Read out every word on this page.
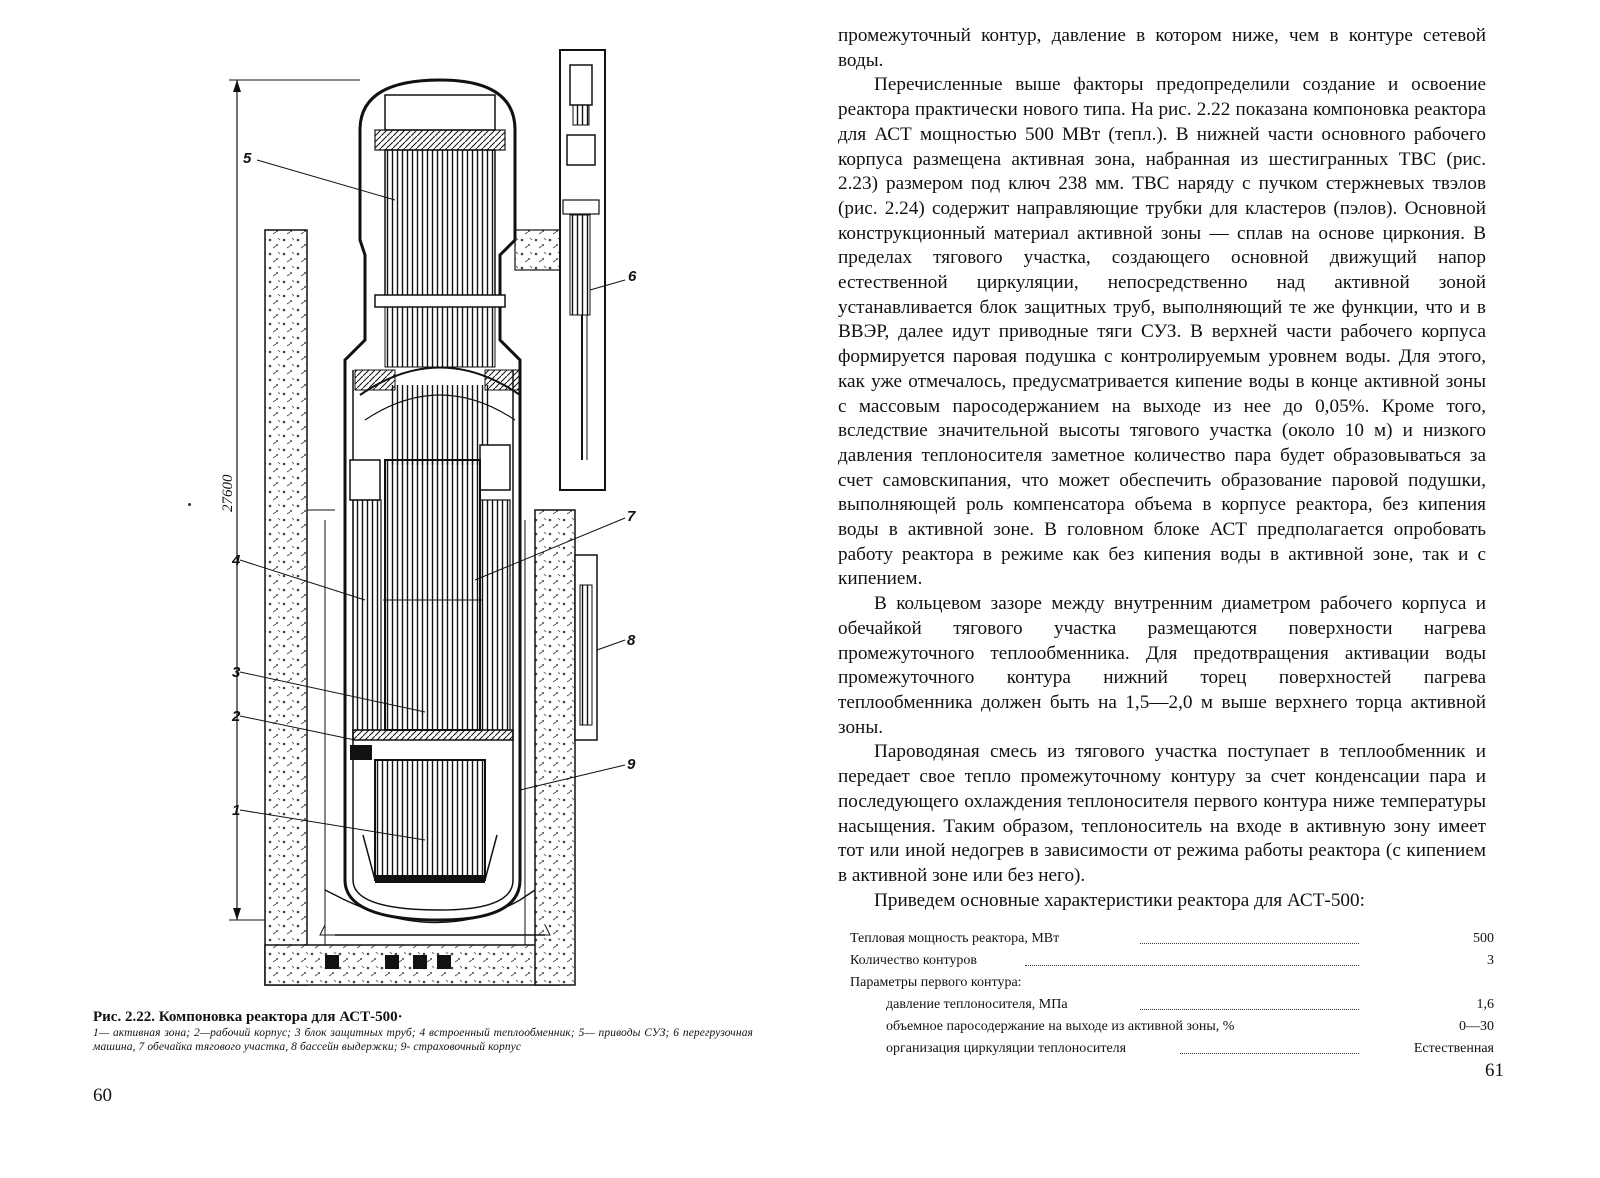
27600
5
6
7
4
8
3
2
9
1
Рис. 2.22. Компоновка реактора для АСТ-500·
1— активная зона; 2—рабочий корпус; 3 блок защитных труб; 4 встроенный теплообменник; 5— приводы СУЗ; 6 перегрузочная машина, 7 обечайка тягового участка, 8 бассейн выдержки; 9- страховочный корпус
60

промежуточный контур, давление в котором ниже, чем в контуре сетевой воды.

Перечисленные выше факторы предопределили создание и освоение реактора практически нового типа. На рис. 2.22 показана компоновка реактора для АСТ мощностью 500 МВт (тепл.). В нижней части основного рабочего корпуса размещена активная зона, набранная из шестигранных ТВС (рис. 2.23) размером под ключ 238 мм. ТВС наряду с пучком стержневых твэлов (рис. 2.24) содержит направляющие трубки для кластеров (пэлов). Основной конструкционный материал активной зоны — сплав на основе циркония. В пределах тягового участка, создающего основной движущий напор естественной циркуляции, непосредственно над активной зоной устанавливается блок защитных труб, выполняющий те же функции, что и в ВВЭР, далее идут приводные тяги СУЗ. В верхней части рабочего корпуса формируется паровая подушка с контролируемым уровнем воды. Для этого, как уже отмечалось, предусматривается кипение воды в конце активной зоны с массовым паросодержанием на выходе из нее до 0,05%. Кроме того, вследствие значительной высоты тягового участка (около 10 м) и низкого давления теплоносителя заметное количество пара будет образовываться за счет самовскипания, что может обеспечить образование паровой подушки, выполняющей роль компенсатора объема в корпусе реактора, без кипения воды в активной зоне. В головном блоке АСТ предполагается опробовать работу реактора в режиме как без кипения воды в активной зоне, так и с кипением.

В кольцевом зазоре между внутренним диаметром рабочего корпуса и обечайкой тягового участка размещаются поверхности нагрева промежуточного теплообменника. Для предотвращения активации воды промежуточного контура нижний торец поверхностей пагрева теплообменника должен быть на 1,5—2,0 м выше верхнего торца активной зоны.

Пароводяная смесь из тягового участка поступает в теплообменник и передает свое тепло промежуточному контуру за счет конденсации пара и последующего охлаждения теплоносителя первого контура ниже температуры насыщения. Таким образом, теплоноситель на входе в активную зону имеет тот или иной недогрев в зависимости от режима работы реактора (с кипением в активной зоне или без него).

Приведем основные характеристики реактора для АСТ-500:

Тепловая мощность реактора, МВт	500
Количество контуров	3
Параметры первого контура:
давление теплоносителя, МПа	1,6
объемное паросодержание на выходе из активной зоны, %	0—30
организация циркуляции теплоносителя	Естественная
61
